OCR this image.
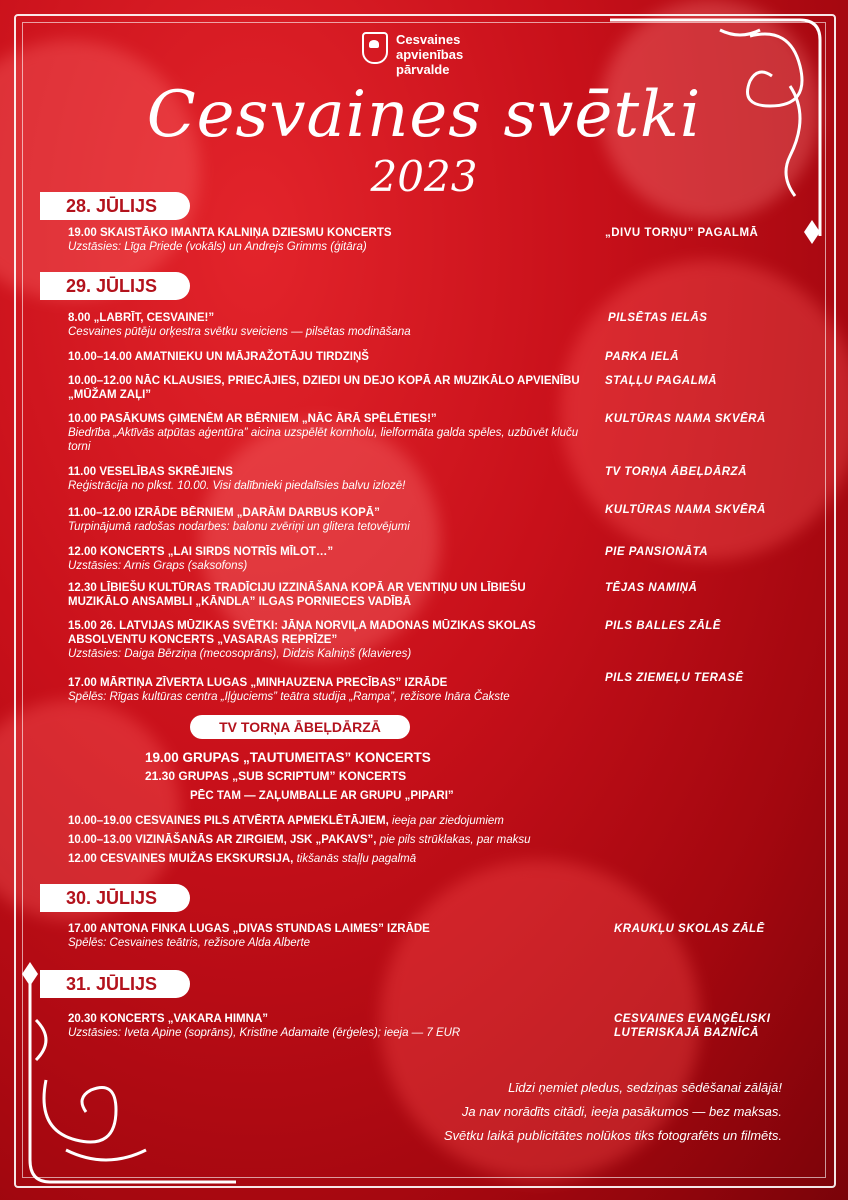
Cesvaines
apvienības
pārvalde
Cesvaines svētki
2023
28. JŪLIJS
29. JŪLIJS
30. JŪLIJS
31. JŪLIJS
19.00 SKAISTĀKO IMANTA KALNIŅA DZIESMU KONCERTS
Uzstāsies: Līga Priede (vokāls) un Andrejs Grimms (ģitāra)
„DIVU TORŅU” PAGALMĀ
8.00 „LABRĪT, CESVAINE!”
Cesvaines pūtēju orķestra svētku sveiciens — pilsētas modināšana
PILSĒTAS IELĀS
10.00–14.00 AMATNIEKU UN MĀJRAŽOTĀJU TIRDZIŅŠ	PARKA IELĀ
10.00–12.00 NĀC KLAUSIES, PRIECĀJIES, DZIEDI UN DEJO KOPĀ AR MUZIKĀLO APVIENĪBU „MŪŽAM ZAĻI”
STAĻĻU PAGALMĀ
10.00 PASĀKUMS ĢIMENĒM AR BĒRNIEM „NĀC ĀRĀ SPĒLĒTIES!”
Biedrība „Aktīvās atpūtas aģentūra” aicina uzspēlēt kornholu, lielformāta galda spēles, uzbūvēt kluču torni
KULTŪRAS NAMA SKVĒRĀ
11.00 VESELĪBAS SKRĒJIENS
Reģistrācija no plkst. 10.00. Visi dalībnieki piedalīsies balvu izlozē!
TV TORŅA ĀBEĻDĀRZĀ
11.00–12.00 IZRĀDE BĒRNIEM „DARĀM DARBUS KOPĀ”
Turpinājumā radošas nodarbes: balonu zvēriņi un glitera tetovējumi
KULTŪRAS NAMA SKVĒRĀ
12.00 KONCERTS „LAI SIRDS NOTRĪS MĪLOT…”
Uzstāsies: Arnis Graps (saksofons)
PIE PANSIONĀTA
12.30 LĪBIEŠU KULTŪRAS TRADĪCIJU IZZINĀŠANA KOPĀ AR VENTIŅU UN LĪBIEŠU MUZIKĀLO ANSAMBLI „KĀNDLA” ILGAS PORNIECES VADĪBĀ
TĒJAS NAMIŅĀ
15.00 26. LATVIJAS MŪZIKAS SVĒTKI: JĀŅA NORVIĻA MADONAS MŪZIKAS SKOLAS ABSOLVENTU KONCERTS „VASARAS REPRĪZE”
Uzstāsies: Daiga Bērziņa (mecosoprāns), Didzis Kalniņš (klavieres)
PILS BALLES ZĀLĒ
17.00 MĀRTIŅA ZĪVERTA LUGAS „MINHAUZENA PRECĪBAS” IZRĀDE
Spēlēs: Rīgas kultūras centra „Iļģuciems” teātra studija „Rampa”, režisore Ināra Čakste
PILS ZIEMEĻU TERASĒ
TV TORŅA ĀBEĻDĀRZĀ
19.00 GRUPAS „TAUTUMEITAS” KONCERTS
21.30 GRUPAS „SUB SCRIPTUM” KONCERTS
PĒC TAM — ZAĻUMBALLE AR GRUPU „PIPARI”
10.00–19.00 CESVAINES PILS ATVĒRTA APMEKLĒTĀJIEM, ieeja par ziedojumiem
10.00–13.00 VIZINĀŠANĀS AR ZIRGIEM, JSK „PAKAVS”, pie pils strūklakas, par maksu
12.00 CESVAINES MUIŽAS EKSKURSIJA, tikšanās staļļu pagalmā
17.00 ANTONA FINKA LUGAS „DIVAS STUNDAS LAIMES” IZRĀDE
Spēlēs: Cesvaines teātris, režisore Alda Alberte
KRAUKĻU SKOLAS ZĀLĒ
20.30 KONCERTS „VAKARA HIMNA”
Uzstāsies: Iveta Apine (soprāns), Kristīne Adamaite (ērģeles); ieeja — 7 EUR
CESVAINES EVAŅĢĒLISKI LUTERISKAJĀ BAZNĪCĀ
Līdzi ņemiet pledus, sedziņas sēdēšanai zālājā!
Ja nav norādīts citādi, ieeja pasākumos — bez maksas.
Svētku laikā publicitātes nolūkos tiks fotografēts un filmēts.
